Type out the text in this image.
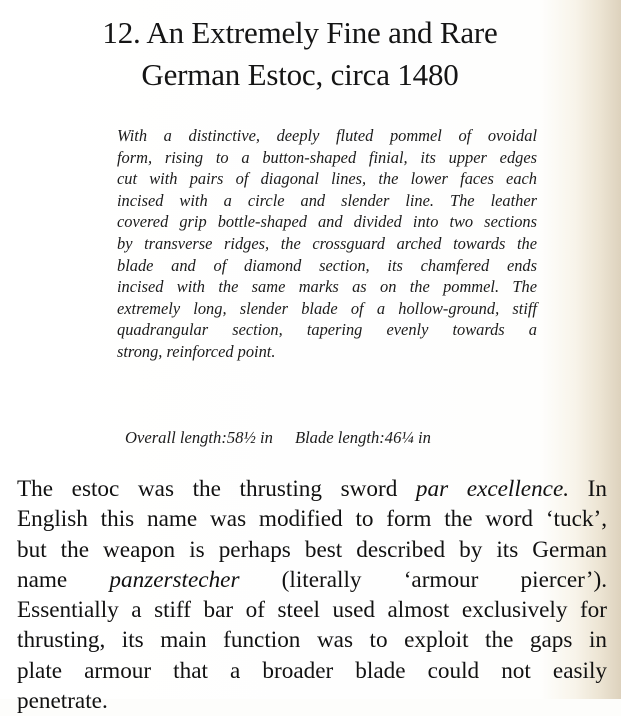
12. An Extremely Fine and Rare
German Estoc, circa 1480
With a distinctive, deeply fluted pommel of ovoidal
form, rising to a button-shaped finial, its upper edges
cut with pairs of diagonal lines, the lower faces each
incised with a circle and slender line. The leather
covered grip bottle-shaped and divided into two sections
by transverse ridges, the crossguard arched towards the
blade and of diamond section, its chamfered ends
incised with the same marks as on the pommel. The
extremely long, slender blade of a hollow-ground, stiff
quadrangular section, tapering evenly towards a
strong, reinforced point.
Overall length:58½ in Blade length:46¼ in
The estoc was the thrusting sword par excellence. In
English this name was modified to form the word ‘tuck’,
but the weapon is perhaps best described by its German
name panzerstecher (literally ‘armour piercer’).
Essentially a stiff bar of steel used almost exclusively for
thrusting, its main function was to exploit the gaps in
plate armour that a broader blade could not easily
penetrate.
